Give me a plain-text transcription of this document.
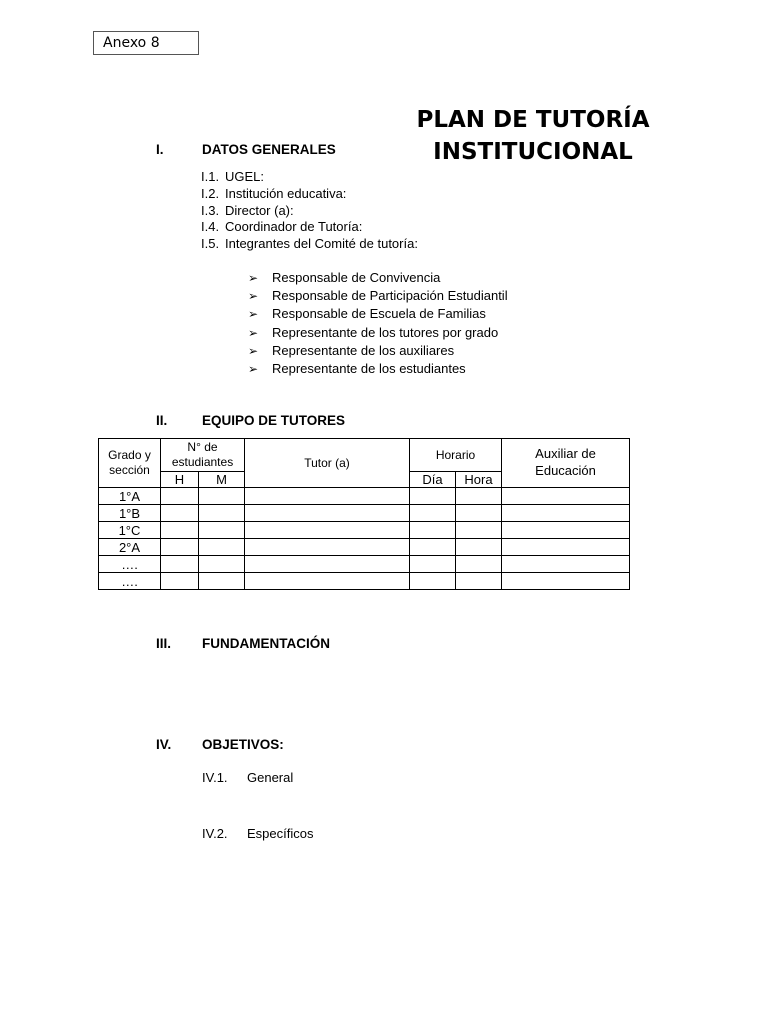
Anexo 8
PLAN DE TUTORÍA INSTITUCIONAL
I.	DATOS GENERALES
I.1. UGEL:
I.2. Institución educativa:
I.3. Director (a):
I.4. Coordinador de Tutoría:
I.5. Integrantes del Comité de tutoría:
➢	Responsable de Convivencia
➢	Responsable de Participación Estudiantil
➢	Responsable de Escuela de Familias
➢	Representante de los tutores por grado
➢	Representante de los auxiliares
➢	Representante de los estudiantes
II.	EQUIPO DE TUTORES
Grado y sección	N° de estudiantes		Tutor (a)	Horario		Auxiliar de Educación
	H	M		Día	Hora	
1°A						
1°B						
1°C						
2°A						
….						
….						
III. FUNDAMENTACIÓN
IV. OBJETIVOS:
IV.1.	General
IV.2.	Específicos
